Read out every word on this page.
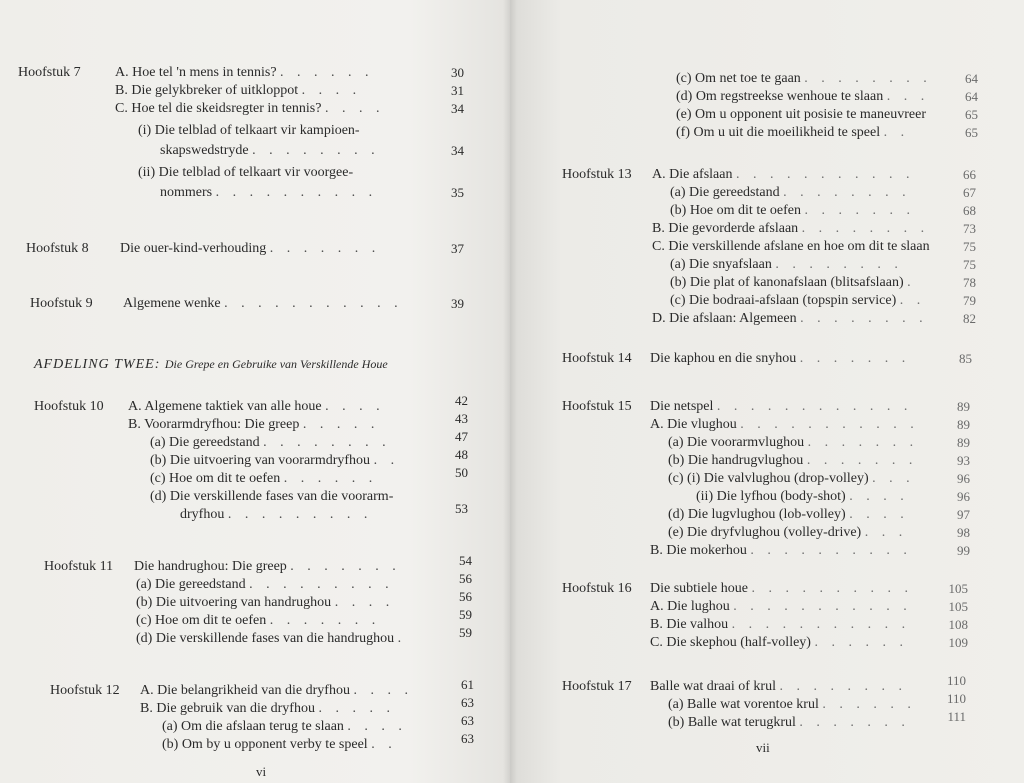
Hoofstuk 7 A. Hoe tel 'n mens in tennis? . . . . . .	30
B. Die gelykbreker of uitkloppot . . . .	31
C. Hoe tel die skeidsregter in tennis? . . . .	34
(i) Die telblad of telkaart vir kampioen-
skapswedstryde . . . . . . . .	34
(ii) Die telblad of telkaart vir voorgee-
nommers . . . . . . . . . .	35
Hoofstuk 8 Die ouer-kind-verhouding . . . . . . .	37
Hoofstuk 9 Algemene wenke . . . . . . . . . . .	39
AFDELING TWEE: Die Grepe en Gebruike van Verskillende Houe
Hoofstuk 10 A. Algemene taktiek van alle houe . . . .	42
B. Voorarmdryfhou: Die greep . . . . .	43
(a) Die gereedstand . . . . . . . .	47
(b) Die uitvoering van voorarmdryfhou . .	48
(c) Hoe om dit te oefen . . . . . .	50
(d) Die verskillende fases van die voorarm-
dryfhou . . . . . . . . .	53
Hoofstuk 11 Die handrughou: Die greep . . . . . . .	54
(a) Die gereedstand . . . . . . . . .	56
(b) Die uitvoering van handrughou . . . .	56
(c) Hoe om dit te oefen . . . . . . .	59
(d) Die verskillende fases van die handrughou .	59
Hoofstuk 12 A. Die belangrikheid van die dryfhou . . . .	61
B. Die gebruik van die dryfhou . . . . .	63
(a) Om die afslaan terug te slaan . . . .	63
(b) Om by u opponent verby te speel . .	63
vi
(c) Om net toe te gaan . . . . . . . .	64
(d) Om regstreekse wenhoue te slaan . . .	64
(e) Om u opponent uit posisie te maneuvreer	65
(f) Om u uit die moeilikheid te speel . .	65
Hoofstuk 13 A. Die afslaan . . . . . . . . . . .	66
(a) Die gereedstand . . . . . . . .	67
(b) Hoe om dit te oefen . . . . . . .	68
B. Die gevorderde afslaan . . . . . . . .	73
C. Die verskillende afslane en hoe om dit te slaan	75
(a) Die snyafslaan . . . . . . . .	75
(b) Die plat of kanonafslaan (blitsafslaan) .	78
(c) Die bodraai-afslaan (topspin service) . .	79
D. Die afslaan: Algemeen . . . . . . . .	82
Hoofstuk 14 Die kaphou en die snyhou . . . . . . .	85
Hoofstuk 15 Die netspel . . . . . . . . . . . .	89
A. Die vlughou . . . . . . . . . . .	89
(a) Die voorarmvlughou . . . . . . .	89
(b) Die handrugvlughou . . . . . . .	93
(c) (i) Die valvlughou (drop-volley) . . .	96
(ii) Die lyfhou (body-shot) . . . .	96
(d) Die lugvlughou (lob-volley) . . . .	97
(e) Die dryfvlughou (volley-drive) . . .	98
B. Die mokerhou . . . . . . . . . .	99
Hoofstuk 16 Die subtiele houe . . . . . . . . . .	105
A. Die lughou . . . . . . . . . . .	105
B. Die valhou . . . . . . . . . . .	108
C. Die skephou (half-volley) . . . . . .	109
Hoofstuk 17 Balle wat draai of krul . . . . . . . .	110
(a) Balle wat vorentoe krul . . . . . .	110
(b) Balle wat terugkrul . . . . . . .	111
vii
